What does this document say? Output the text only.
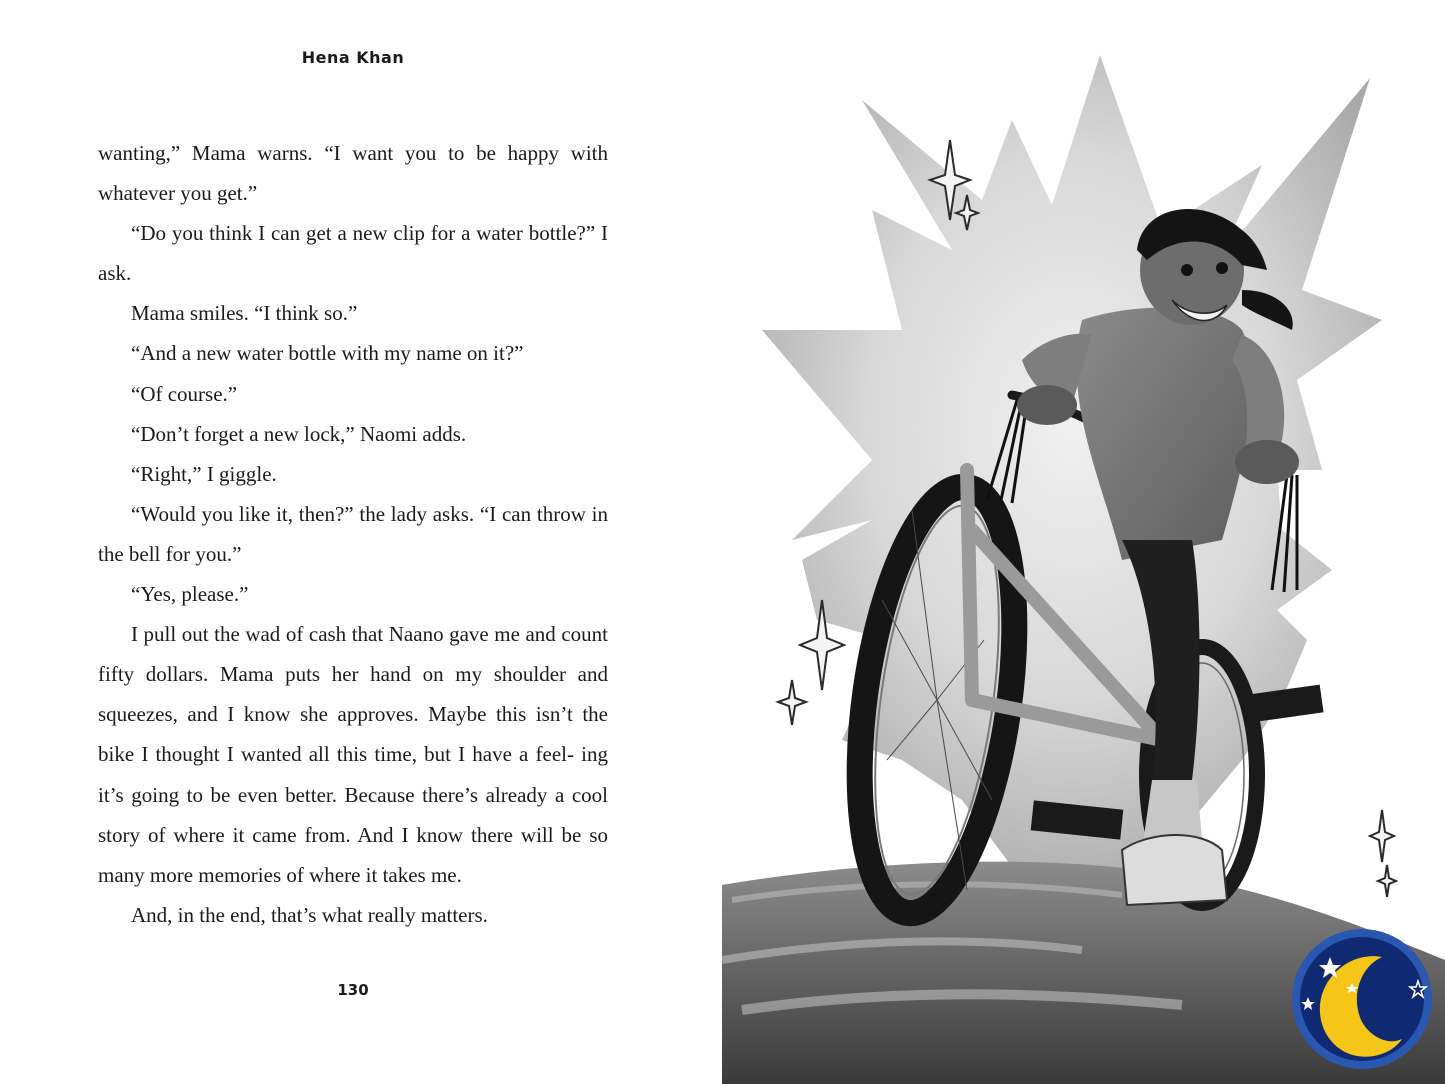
Hena Khan

wanting,” Mama warns. “I want you to be happy with whatever you get.”

“Do you think I can get a new clip for a water bottle?” I ask.

Mama smiles. “I think so.”

“And a new water bottle with my name on it?”

“Of course.”

“Don’t forget a new lock,” Naomi adds.

“Right,” I giggle.

“Would you like it, then?” the lady asks. “I can throw in the bell for you.”

“Yes, please.”

I pull out the wad of cash that Naano gave me and count fifty dollars. Mama puts her hand on my shoulder and squeezes, and I know she approves. Maybe this isn’t the bike I thought I wanted all this time, but I have a feel- ing it’s going to be even better. Because there’s already a cool story of where it came from. And I know there will be so many more memories of where it takes me.

And, in the end, that’s what really matters.

130
